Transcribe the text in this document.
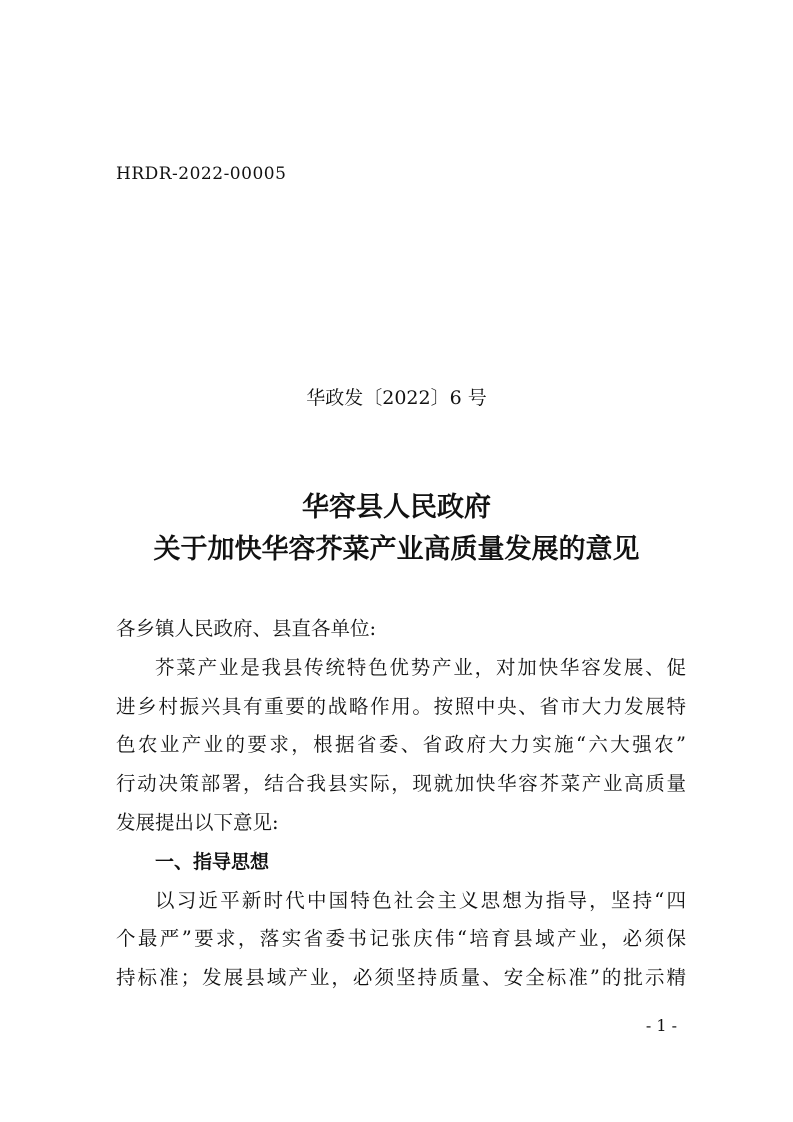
HRDR-2022-00005
华政发〔2022〕6 号
华容县人民政府
关于加快华容芥菜产业高质量发展的意见
各乡镇人民政府、县直各单位:
芥菜产业是我县传统特色优势产业，对加快华容发展、促
进乡村振兴具有重要的战略作用。按照中央、省市大力发展特
色农业产业的要求，根据省委、省政府大力实施“六大强农”
行动决策部署，结合我县实际，现就加快华容芥菜产业高质量
发展提出以下意见:
一、指导思想
以习近平新时代中国特色社会主义思想为指导，坚持“四
个最严”要求，落实省委书记张庆伟“培育县域产业，必须保
持标准；发展县域产业，必须坚持质量、安全标准”的批示精
- 1 -
